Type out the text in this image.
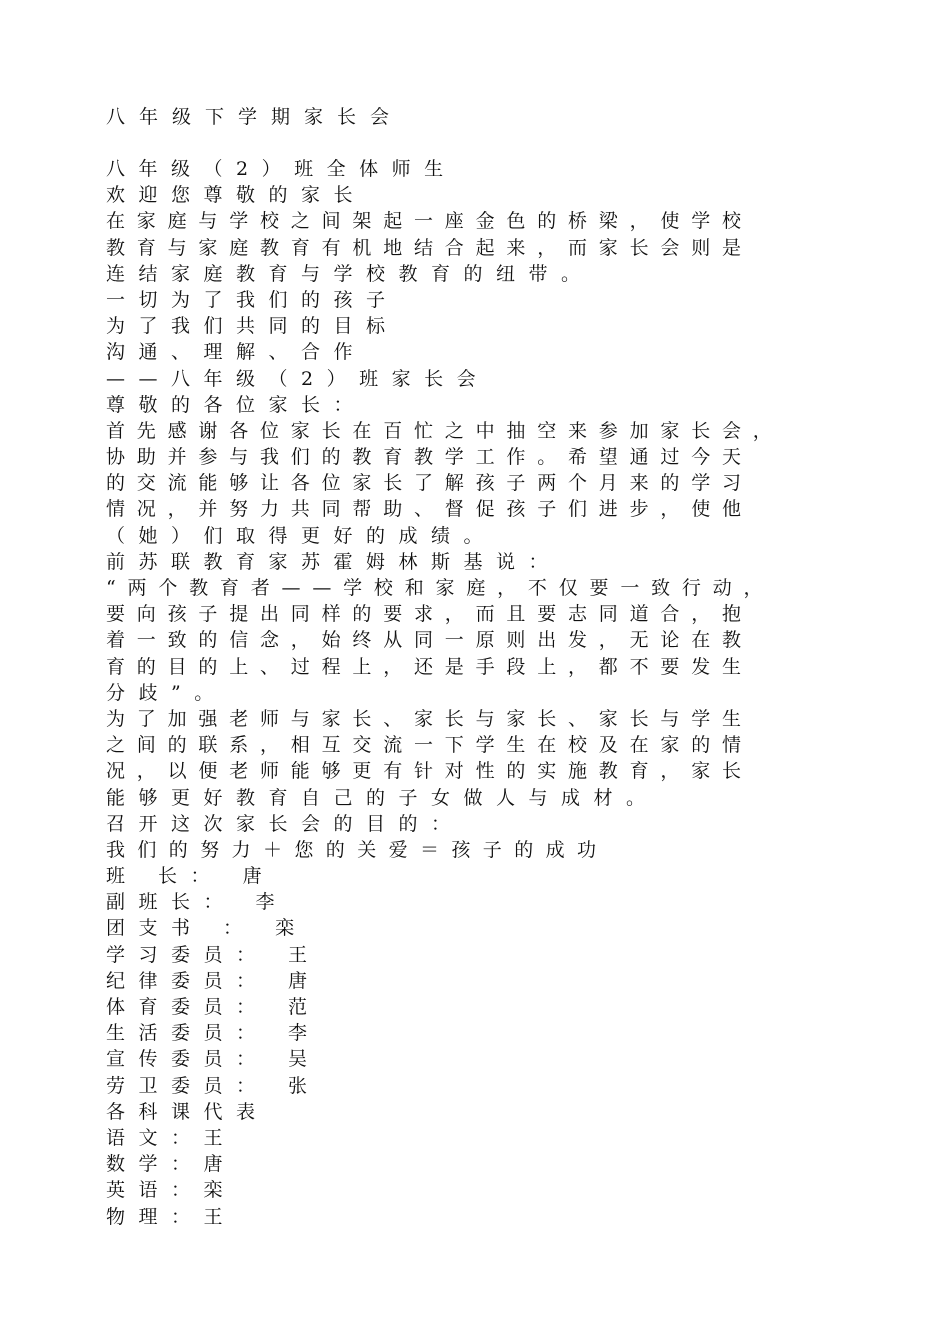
八年级下学期家长会
八年级（2）班全体师生
欢迎您尊敬的家长
在家庭与学校之间架起一座金色的桥梁，使学校
教育与家庭教育有机地结合起来，而家长会则是
连结家庭教育与学校教育的纽带。
一切为了我们的孩子
为了我们共同的目标
沟通、理解、合作
——八年级（2）班家长会
尊敬的各位家长：
首先感谢各位家长在百忙之中抽空来参加家长会，
协助并参与我们的教育教学工作。希望通过今天
的交流能够让各位家长了解孩子两个月来的学习
情况，并努力共同帮助、督促孩子们进步，使他
（她）们取得更好的成绩。
前苏联教育家苏霍姆林斯基说：
“两个教育者——学校和家庭，不仅要一致行动，
要向孩子提出同样的要求，而且要志同道合，抱
着一致的信念，始终从同一原则出发，无论在教
育的目的上、过程上，还是手段上，都不要发生
分歧”。
为了加强老师与家长、家长与家长、家长与学生
之间的联系，相互交流一下学生在校及在家的情
况，以便老师能够更有针对性的实施教育，家长
能够更好教育自己的子女做人与成材。
召开这次家长会的目的：
我们的努力＋您的关爱＝孩子的成功
班 长： 唐
副班长： 李
团支书 ： 栾
学习委员： 王
纪律委员： 唐
体育委员： 范
生活委员： 李
宣传委员： 吴
劳卫委员： 张
各科课代表
语文：王
数学：唐
英语：栾
物理：王
